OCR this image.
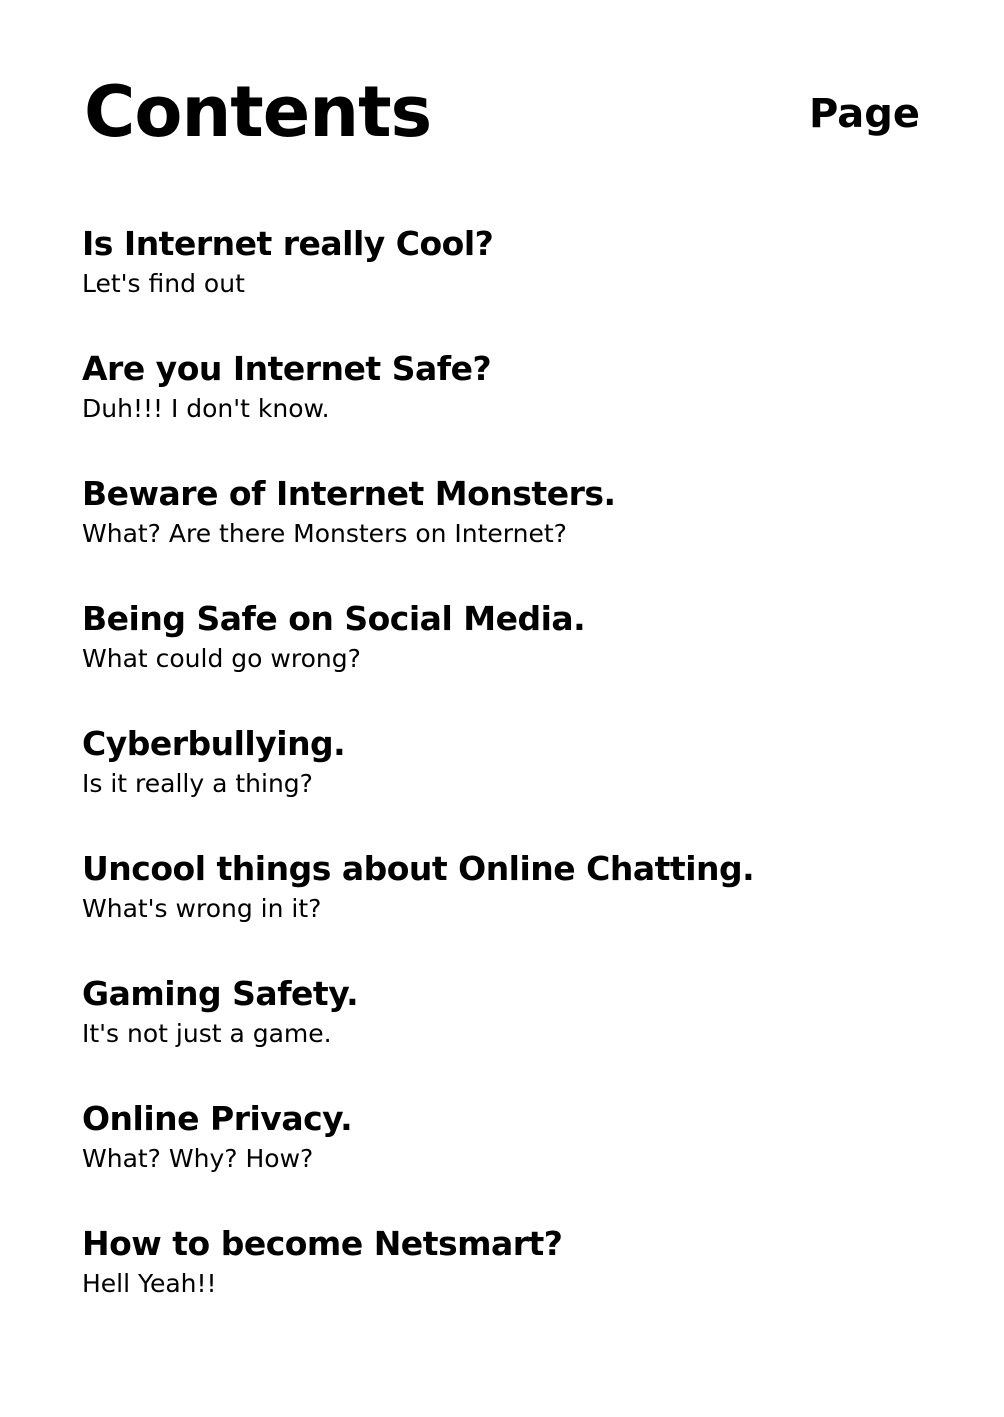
Contents	Page
Is Internet really Cool?
Let's find out
Are you Internet Safe?
Duh!!! I don't know.
Beware of Internet Monsters.
What? Are there Monsters on Internet?
Being Safe on Social Media.
What could go wrong?
Cyberbullying.
Is it really a thing?
Uncool things about Online Chatting.
What's wrong in it?
Gaming Safety.
It's not just a game.
Online Privacy.
What? Why? How?
How to become Netsmart?
Hell Yeah!!
